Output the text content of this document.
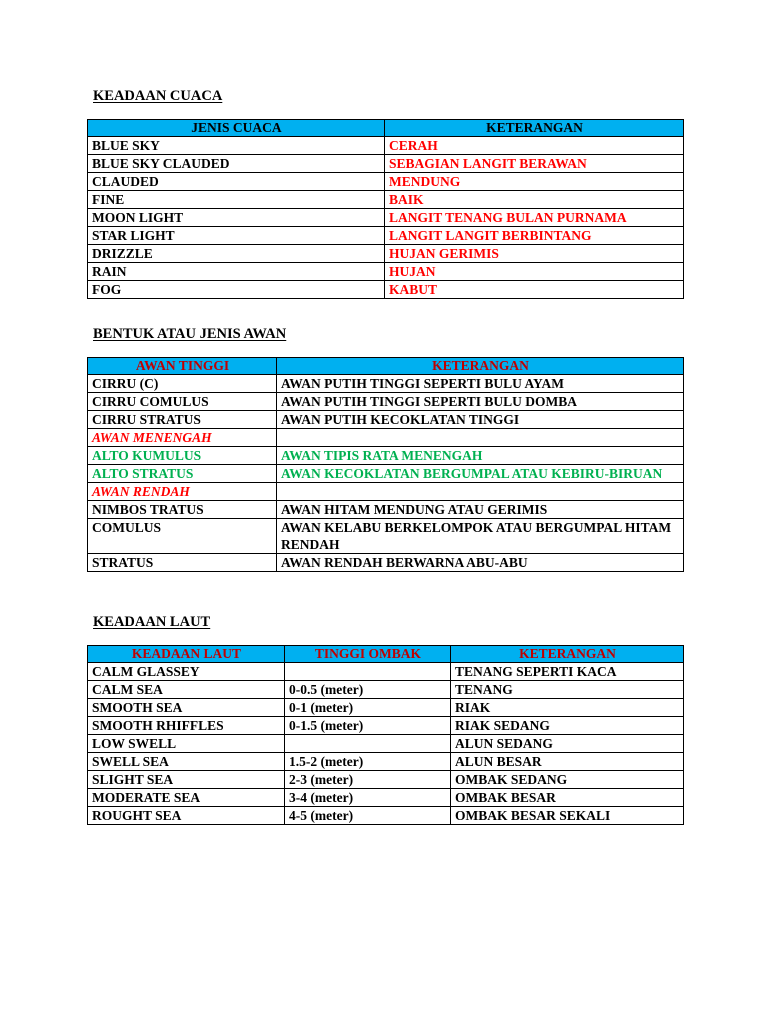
KEADAAN CUACA

JENIS CUACA	KETERANGAN
BLUE SKY	CERAH
BLUE SKY CLAUDED	SEBAGIAN LANGIT BERAWAN
CLAUDED	MENDUNG
FINE	BAIK
MOON LIGHT	LANGIT TENANG BULAN PURNAMA
STAR LIGHT	LANGIT LANGIT BERBINTANG
DRIZZLE	HUJAN GERIMIS
RAIN	HUJAN
FOG	KABUT

BENTUK ATAU JENIS AWAN

AWAN TINGGI	KETERANGAN
CIRRU (C)	AWAN PUTIH TINGGI SEPERTI BULU AYAM
CIRRU COMULUS	AWAN PUTIH TINGGI SEPERTI BULU DOMBA
CIRRU STRATUS	AWAN PUTIH KECOKLATAN TINGGI
AWAN MENENGAH	
ALTO KUMULUS	AWAN TIPIS RATA MENENGAH
ALTO STRATUS	AWAN KECOKLATAN BERGUMPAL ATAU KEBIRU-BIRUAN
AWAN RENDAH	
NIMBOS TRATUS	AWAN HITAM MENDUNG ATAU GERIMIS
COMULUS	AWAN KELABU BERKELOMPOK ATAU BERGUMPAL HITAM RENDAH
STRATUS	AWAN RENDAH BERWARNA ABU-ABU

KEADAAN LAUT

KEADAAN LAUT	TINGGI OMBAK	KETERANGAN
CALM GLASSEY		TENANG SEPERTI KACA
CALM SEA	0-0.5 (meter)	TENANG
SMOOTH SEA	0-1 (meter)	RIAK
SMOOTH RHIFFLES	0-1.5 (meter)	RIAK SEDANG
LOW SWELL		ALUN SEDANG
SWELL SEA	1.5-2 (meter)	ALUN BESAR
SLIGHT SEA	2-3 (meter)	OMBAK SEDANG
MODERATE SEA	3-4 (meter)	OMBAK BESAR
ROUGHT SEA	4-5 (meter)	OMBAK BESAR SEKALI
